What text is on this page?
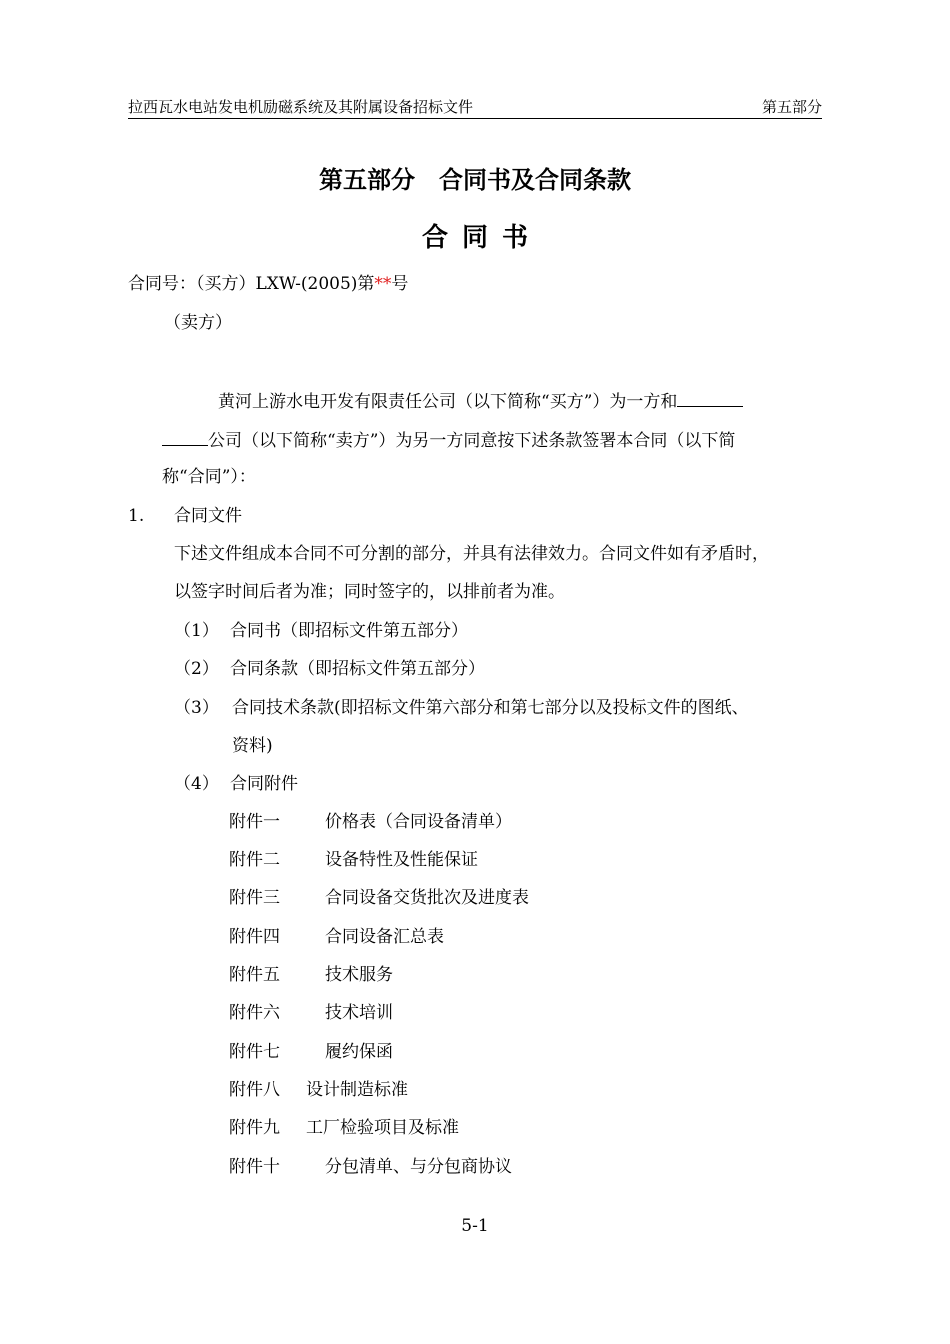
拉西瓦水电站发电机励磁系统及其附属设备招标文件	第五部分
第五部分　合同书及合同条款
合同书
合同号：（买方）LXW-(2005)第**号
（卖方）
黄河上游水电开发有限责任公司（以下简称“买方”）为一方和
公司（以下简称“卖方”）为另一方同意按下述条款签署本合同（以下简
称“合同”）：
1. 合同文件
下述文件组成本合同不可分割的部分，并具有法律效力。合同文件如有矛盾时，
以签字时间后者为准；同时签字的，以排前者为准。
（1） 合同书（即招标文件第五部分）
（2） 合同条款（即招标文件第五部分）
（3） 合同技术条款(即招标文件第六部分和第七部分以及投标文件的图纸、
资料)
（4） 合同附件
附件一	价格表（合同设备清单）
附件二	设备特性及性能保证
附件三	合同设备交货批次及进度表
附件四	合同设备汇总表
附件五	技术服务
附件六	技术培训
附件七	履约保函
附件八 设计制造标准
附件九 工厂检验项目及标准
附件十	分包清单、与分包商协议
5-1
